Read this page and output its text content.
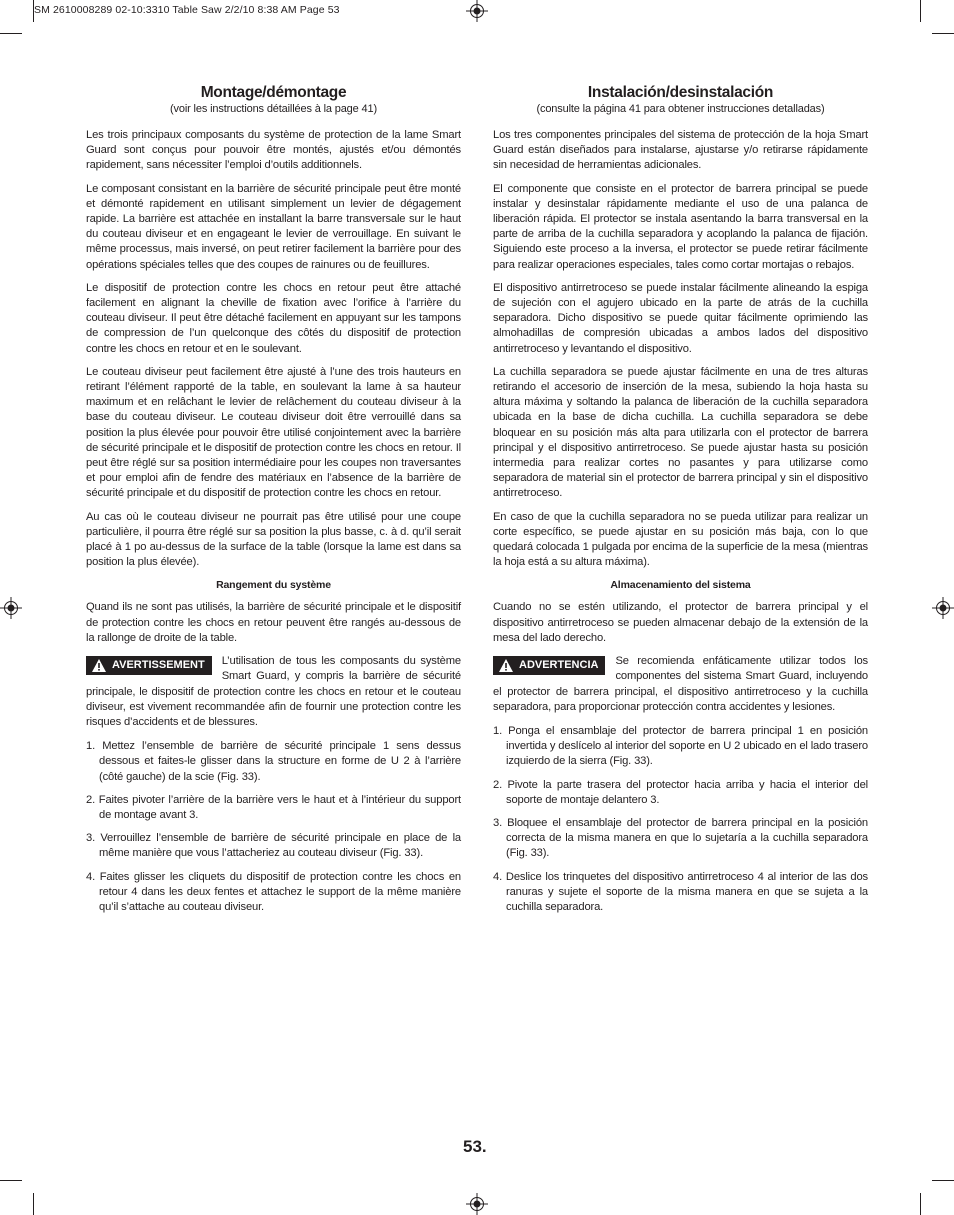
SM 2610008289 02-10:3310 Table Saw 2/2/10 8:38 AM Page 53
Montage/démontage
(voir les instructions détaillées à la page 41)

Les trois principaux composants du système de protection de la lame Smart Guard sont conçus pour pouvoir être montés, ajustés et/ou démontés rapidement, sans nécessiter l’emploi d’outils additionnels.

Le composant consistant en la barrière de sécurité principale peut être monté et démonté rapidement en utilisant simplement un levier de dégagement rapide. La barrière est attachée en installant la barre transversale sur le haut du couteau diviseur et en engageant le levier de verrouillage. En suivant le même processus, mais inversé, on peut retirer facilement la barrière pour des opérations spéciales telles que des coupes de rainures ou de feuillures.

Le dispositif de protection contre les chocs en retour peut être attaché facilement en alignant la cheville de fixation avec l’orifice à l’arrière du couteau diviseur. Il peut être détaché facilement en appuyant sur les tampons de compression de l’un quelconque des côtés du dispositif de protection contre les chocs en retour et en le soulevant.

Le couteau diviseur peut facilement être ajusté à l’une des trois hauteurs en retirant l’élément rapporté de la table, en soulevant la lame à sa hauteur maximum et en relâchant le levier de relâchement du couteau diviseur à la base du couteau diviseur. Le couteau diviseur doit être verrouillé dans sa position la plus élevée pour pouvoir être utilisé conjointement avec la barrière de sécurité principale et le dispositif de protection contre les chocs en retour. Il peut être réglé sur sa position intermédiaire pour les coupes non traversantes et pour emploi afin de fendre des matériaux en l’absence de la barrière de sécurité principale et du dispositif de protection contre les chocs en retour.

Au cas où le couteau diviseur ne pourrait pas être utilisé pour une coupe particulière, il pourra être réglé sur sa position la plus basse, c. à d. qu’il serait placé à 1 po au-dessus de la surface de la table (lorsque la lame est dans sa position la plus élevée).

Rangement du système

Quand ils ne sont pas utilisés, la barrière de sécurité principale et le dispositif de protection contre les chocs en retour peuvent être rangés au-dessous de la rallonge de droite de la table.

AVERTISSEMENT L’utilisation de tous les composants du système Smart Guard, y compris la barrière de sécurité principale, le dispositif de protection contre les chocs en retour et le couteau diviseur, est vivement recommandée afin de fournir une protection contre les risques d’accidents et de blessures.

1. Mettez l’ensemble de barrière de sécurité principale 1 sens dessus dessous et faites-le glisser dans la structure en forme de U 2 à l’arrière (côté gauche) de la scie (Fig. 33).

2. Faites pivoter l’arrière de la barrière vers le haut et à l’intérieur du support de montage avant 3.

3. Verrouillez l’ensemble de barrière de sécurité principale en place de la même manière que vous l’attacheriez au couteau diviseur (Fig. 33).

4. Faites glisser les cliquets du dispositif de protection contre les chocs en retour 4 dans les deux fentes et attachez le support de la même manière qu’il s’attache au couteau diviseur.

Instalación/desinstalación
(consulte la página 41 para obtener instrucciones detalladas)

Los tres componentes principales del sistema de protección de la hoja Smart Guard están diseñados para instalarse, ajustarse y/o retirarse rápidamente sin necesidad de herramientas adicionales.

El componente que consiste en el protector de barrera principal se puede instalar y desinstalar rápidamente mediante el uso de una palanca de liberación rápida. El protector se instala asentando la barra transversal en la parte de arriba de la cuchilla separadora y acoplando la palanca de fijación. Siguiendo este proceso a la inversa, el protector se puede retirar fácilmente para realizar operaciones especiales, tales como cortar mortajas o rebajos.

El dispositivo antirretroceso se puede instalar fácilmente alineando la espiga de sujeción con el agujero ubicado en la parte de atrás de la cuchilla separadora. Dicho dispositivo se puede quitar fácilmente oprimiendo las almohadillas de compresión ubicadas a ambos lados del dispositivo antirretroceso y levantando el dispositivo.

La cuchilla separadora se puede ajustar fácilmente en una de tres alturas retirando el accesorio de inserción de la mesa, subiendo la hoja hasta su altura máxima y soltando la palanca de liberación de la cuchilla separadora ubicada en la base de dicha cuchilla. La cuchilla separadora se debe bloquear en su posición más alta para utilizarla con el protector de barrera principal y el dispositivo antirretroceso. Se puede ajustar hasta su posición intermedia para realizar cortes no pasantes y para utilizarse como separadora de material sin el protector de barrera principal y sin el dispositivo antirretroceso.

En caso de que la cuchilla separadora no se pueda utilizar para realizar un corte específico, se puede ajustar en su posición más baja, con lo que quedará colocada 1 pulgada por encima de la superficie de la mesa (mientras la hoja está a su altura máxima).

Almacenamiento del sistema

Cuando no se estén utilizando, el protector de barrera principal y el dispositivo antirretroceso se pueden almacenar debajo de la extensión de la mesa del lado derecho.

ADVERTENCIA Se recomienda enfáticamente utilizar todos los componentes del sistema Smart Guard, incluyendo el protector de barrera principal, el dispositivo antirretroceso y la cuchilla separadora, para proporcionar protección contra accidentes y lesiones.

1. Ponga el ensamblaje del protector de barrera principal 1 en posición invertida y deslícelo al interior del soporte en U 2 ubicado en el lado trasero izquierdo de la sierra (Fig. 33).

2. Pivote la parte trasera del protector hacia arriba y hacia el interior del soporte de montaje delantero 3.

3. Bloquee el ensamblaje del protector de barrera principal en la posición correcta de la misma manera en que lo sujetaría a la cuchilla separadora (Fig. 33).

4. Deslice los trinquetes del dispositivo antirretroceso 4 al interior de las dos ranuras y sujete el soporte de la misma manera en que se sujeta a la cuchilla separadora.

53.
